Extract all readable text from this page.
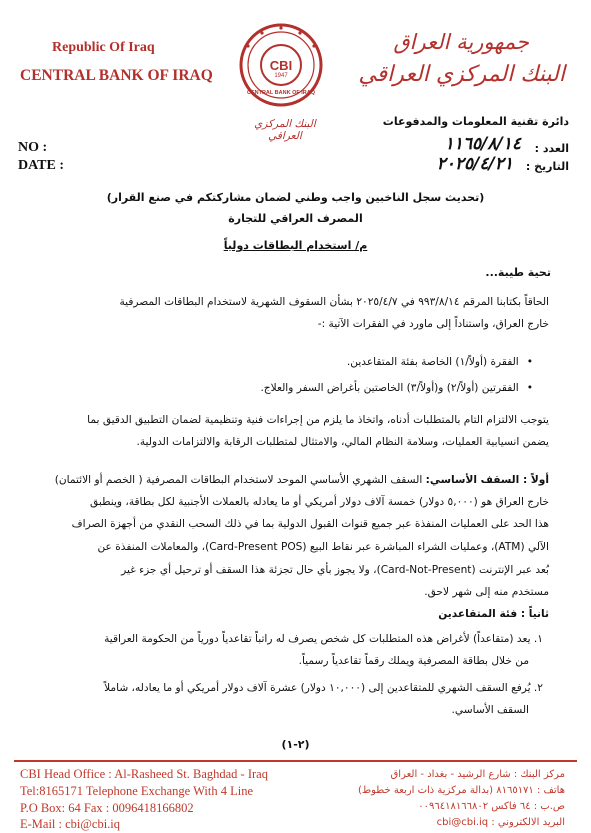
Republic Of Iraq
CENTRAL BANK OF IRAQ
جمهورية العراق
البنك المركزي العراقي
CBI
1947
CENTRAL BANK OF IRAQ
البنك المركزي العراقي
دائرة تقنية المعلومات والمدفوعات
NO :
DATE :
العدد :
١١٦٥/٨/١٤
التاريخ :
٢٠٢٥/٤/٢١
(تحديث سجل الناخبين واجب وطني لضمان مشاركتكم في صنع القرار)
المصرف العراقي للتجارة
م/ استخدام البطاقات دولياً
تحية طيبة...
الحاقاً بكتابنا المرقم ٩٩٣/٨/١٤ في ٢٠٢٥/٤/٧ بشأن السقوف الشهرية لاستخدام البطاقات المصرفية
خارج العراق، واستناداً إلى ماورد في الفقرات الآتية :-
• الفقرة (أولاً/١) الخاصة بفئة المتقاعدين.
• الفقرتين (أولاً/٢) و(أولاً/٣) الخاصتين بأغراض السفر والعلاج.
يتوجب الالتزام التام بالمتطلبات أدناه، واتخاذ ما يلزم من إجراءات فنية وتنظيمية لضمان التطبيق الدقيق بما
يضمن انسيابية العمليات، وسلامة النظام المالي، والامتثال لمتطلبات الرقابة والالتزامات الدولية.
أولاً : السقف الأساسي: السقف الشهري الأساسي الموحد لاستخدام البطاقات المصرفية ( الخصم أو الائتمان)
خارج العراق هو (٥,٠٠٠ دولار) خمسة آلاف دولار أمريكي أو ما يعادله بالعملات الأجنبية لكل بطاقة، وينطبق
هذا الحد على العمليات المنفذة عبر جميع قنوات القبول الدولية بما في ذلك السحب النقدي من أجهزة الصراف
الآلي (ATM)، وعمليات الشراء المباشرة عبر نقاط البيع (Card-Present POS)، والمعاملات المنفذة عن
بُعد عبر الإنترنت (Card-Not-Present)، ولا يجوز بأي حال تجزئة هذا السقف أو ترحيل أي جزء غير
مستخدم منه إلى شهر لاحق.
ثانياً : فئة المتقاعدين
١. يعد (متقاعداً) لأغراض هذه المتطلبات كل شخص يصرف له راتباً تقاعدياً دورياً من الحكومة العراقية
من خلال بطاقة المصرفية ويملك رقماً تقاعدياً رسمياً.
٢. يُرفع السقف الشهري للمتقاعدين إلى (١٠,٠٠٠ دولار) عشرة آلاف دولار أمريكي أو ما يعادله، شاملاً
السقف الأساسي.
(٢-١)
CBI Head Office : Al-Rasheed St. Baghdad - Iraq
Tel:8165171 Telephone Exchange With 4 Line
P.O Box: 64 Fax : 0096418166802
E-Mail : cbi@cbi.iq
مركز البنك : شارع الرشيد - بغداد - العراق
هاتف : ٨١٦٥١٧١ (بدالة مركزية ذات اربعة خطوط)
ص.ب : ٦٤ فاكس ٠٠٩٦٤١٨١٦٦٨٠٢
البريد الالكتروني : cbi@cbi.iq
